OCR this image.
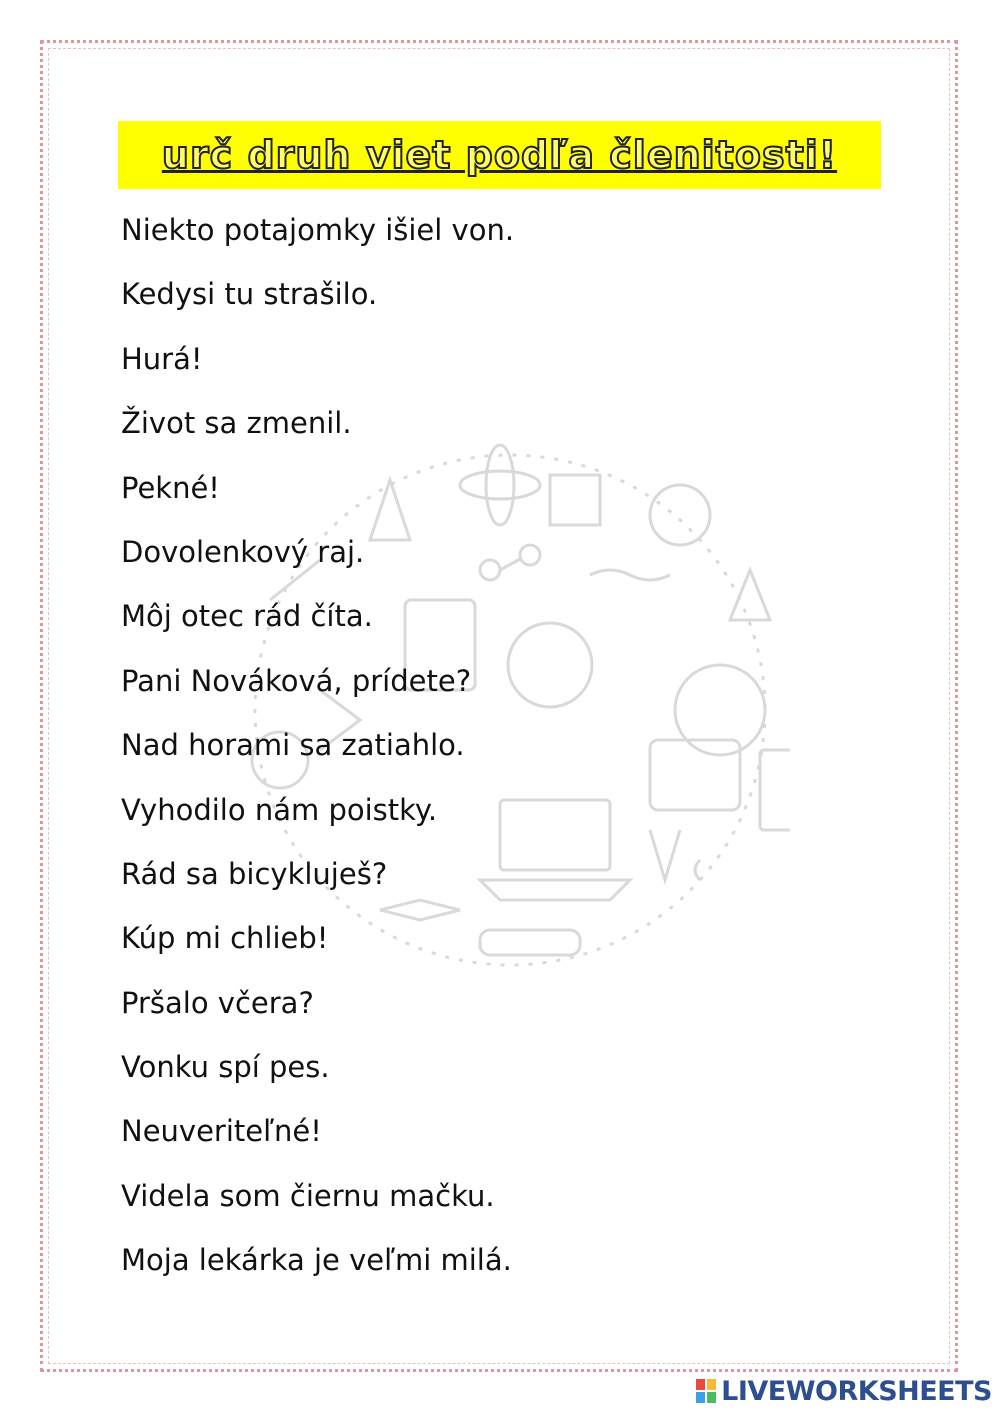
urč druh viet podľa členitosti!
Niekto potajomky išiel von.
Kedysi tu strašilo.
Hurá!
Život sa zmenil.
Pekné!
Dovolenkový raj.
Môj otec rád číta.
Pani Nováková, prídete?
Nad horami sa zatiahlo.
Vyhodilo nám poistky.
Rád sa bicykluješ?
Kúp mi chlieb!
Pršalo včera?
Vonku spí pes.
Neuveriteľné!
Videla som čiernu mačku.
Moja lekárka je veľmi milá.
LIVEWORKSHEETS
